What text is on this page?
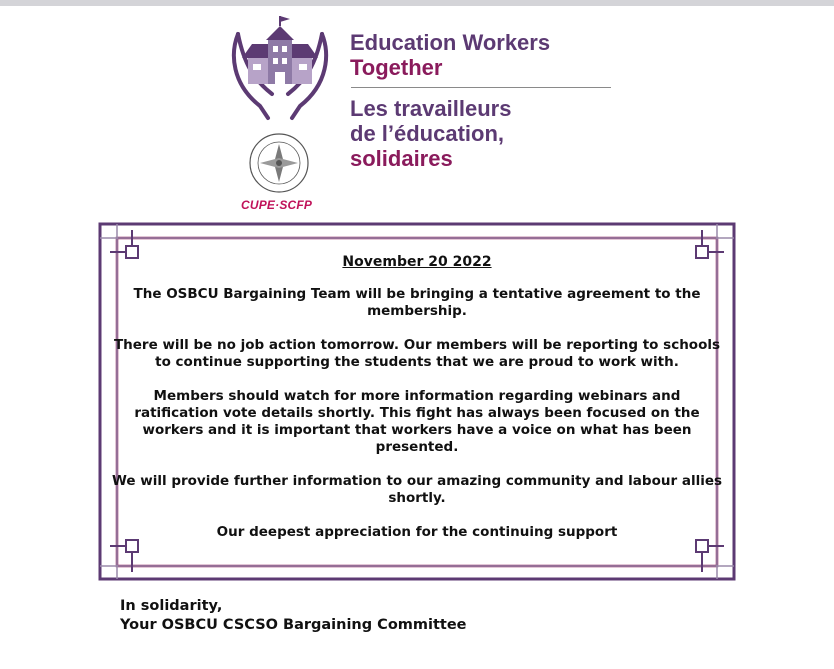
CUPE·SCFP
Education Workers
Together
Les travailleurs
de l’éducation,
solidaires
November 20 2022

The OSBCU Bargaining Team will be bringing a tentative agreement to the membership.

There will be no job action tomorrow. Our members will be reporting to schools to continue supporting the students that we are proud to work with.

Members should watch for more information regarding webinars and ratification vote details shortly. This fight has always been focused on the workers and it is important that workers have a voice on what has been presented.

We will provide further information to our amazing community and labour allies shortly.

Our deepest appreciation for the continuing support

In solidarity,
Your OSBCU CSCSO Bargaining Committee
